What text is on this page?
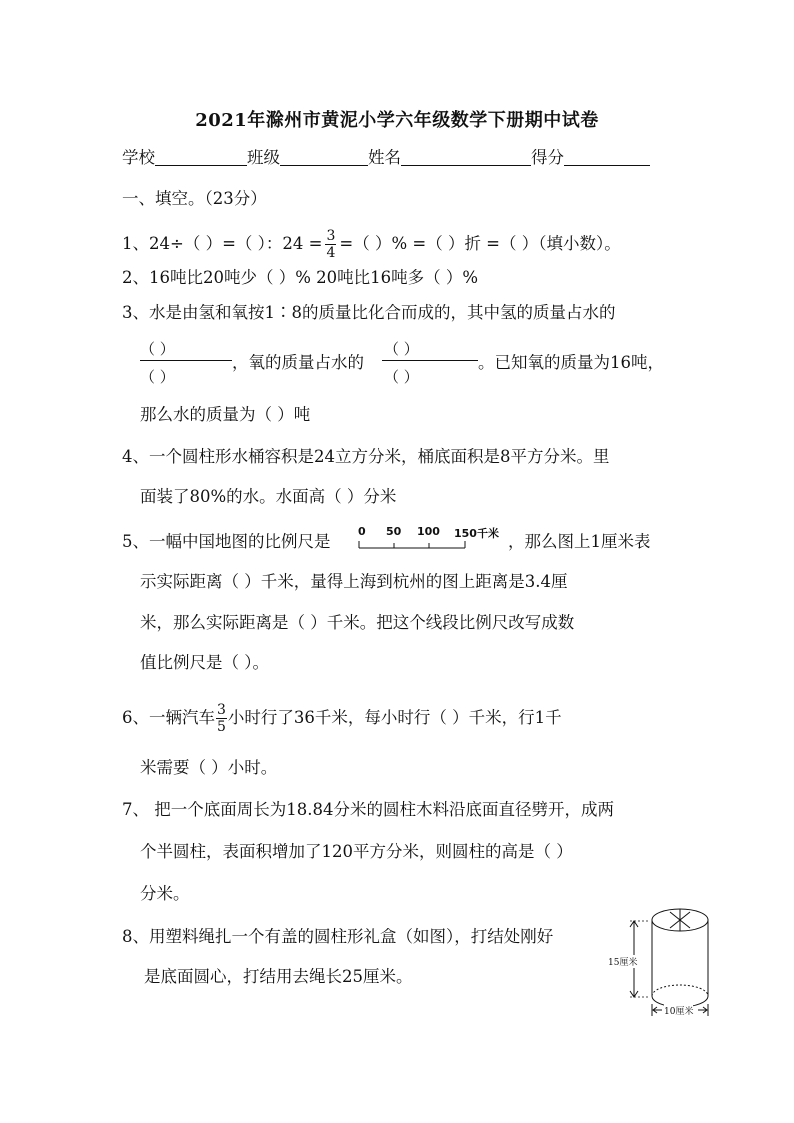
2021年滁州市黄泥小学六年级数学下册期中试卷
学校	班级	姓名	得分
一、填空。（23分）
1、24÷（ ）=（ ）：$24 = \frac{3}{4}$ =（ ）% =（ ）折 =（ ）（填小数）。
2、16吨比20吨少（ ）% 20吨比16吨多（ ）%
3、水是由氢和氧按1∶8的质量比化合而成的，其中氢的质量占水的
（ ）
（ ）
，氧的质量占水的
（ ）
（ ）
。已知氧的质量为16吨，
那么水的质量为（ ）吨
4、一个圆柱形水桶容积是24立方分米，桶底面积是8平方分米。里
面装了80%的水。水面高（ ）分米
5、一幅中国地图的比例尺是
0 50 100 150千米 ，那么图上1厘米表
示实际距离（ ）千米，量得上海到杭州的图上距离是3.4厘
米，那么实际距离是（ ）千米。把这个线段比例尺改写成数
值比例尺是（ ）。
6、一辆汽车 $\frac{3}{5}$ 小时行了36千米，每小时行（ ）千米，行1千
米需要（ ）小时。
7、 把一个底面周长为18.84分米的圆柱木料沿底面直径劈开，成两
个半圆柱，表面积增加了120平方分米，则圆柱的高是（ ）
分米。
8、用塑料绳扎一个有盖的圆柱形礼盒（如图），打结处刚好
是底面圆心，打结用去绳长25厘米。
15厘米
10厘米
